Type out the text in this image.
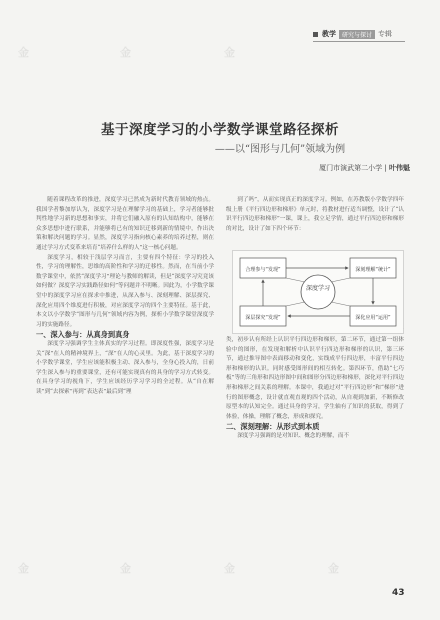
教学	研究与探讨 专辑
基于深度学习的小学数学课堂路径探析
——以“图形与几何”领域为例
厦门市演武第二小学 | 叶伟魁

随着课程改革的推进，深度学习已然成为新时代教育领域的热点。我国学者黎加厚认为，深度学习是在理解学习的基础上，学习者能够批判性地学习新的思想和事实，并将它们融入原有的认知结构中，能够在众多思想中进行联系，并能够将已有的知识迁移到新的情境中，作出决策和解决问题的学习。显然，深度学习指向核心素养的培养过程，则在通过学习方式变革来培育“培养什么样的人”这一核心问题。

深度学习，相较于浅层学习而言，主要有四个特征：学习的投入性，学习的理解性，思维的高阶性和学习的迁移性。然而，在当前小学数学课堂中，依然“深度学习”理论与教师的解读，但是“深度学习究竟该如何做？深度学习实践路径如何”等问题并不明晰。因此为，小学数学课堂中的深度学习应在探求中推进，从深入参与、深刻理解、深层探究、深化应用四个维度进行积极，对应深度学习的四个主要特征。基于此，本文以小学数学“图形与几何”领域内容为例，探析小学数学课堂深度学习的实施路径。

一、深入参与：从真身到真身

深度学习强调学生主体真实的学习过程。即深度性强，深度学习是关“深”在人的精神境界上，“深”在人的心灵里。为此，基于深度学习的小学数学课堂，学生应该能积极主动、深入参与，全身心投入的，日前学生深入参与的重要课堂，还有可能实现真有的具身的学习方式转变。在具身学习的视角下，学生应该经历学习学习的全过程。从“自在解读”到“去探索”再到“表达表”最后到“理

到了吗”，从而实现真正的深度学习。例如，在苏教版小学数学四年级上册《平行四边形和梯形》单元时，将教材进行适当调整，设计了“认识平行四边形和梯形”一课，课上，我立足学情，通过平行四边形和梯形的对比，设计了如下四个环节：

类，初步认有所经上认识平行四边形和梯形，第二环节，通过第一组体验中的图形，在发现和解析中认识平行四边形和梯形的认识，第三环节，通过推导图中表面移动和变化，实线成平行四边形，丰富平行四边形和梯形的认识。同时感受图形间的相互转化。第四环节，借助“七巧板”等的三角形和四边形图中间和图形分四边形和梯形，深化对平行四边形和梯形之间关系的理解。本课中，我通过对“平行四边形”和“梯形”进行的图形概念，设计就直观直观的四个活动，从自观到加新，不断修改原型本的认知完全。通过具身的学习，学生轴有了知识的获取，得到了体验，体操，理解了概念，形成和探究。

二、深刻理解：从形式到本质

深度学习强调的是对知识、概念的理解，而不

深度学习
合理参与“发现”	深刻理解“统计”
深层探究“发现”	深化应用“运用”
43
金	金	金
金	金	金	金
